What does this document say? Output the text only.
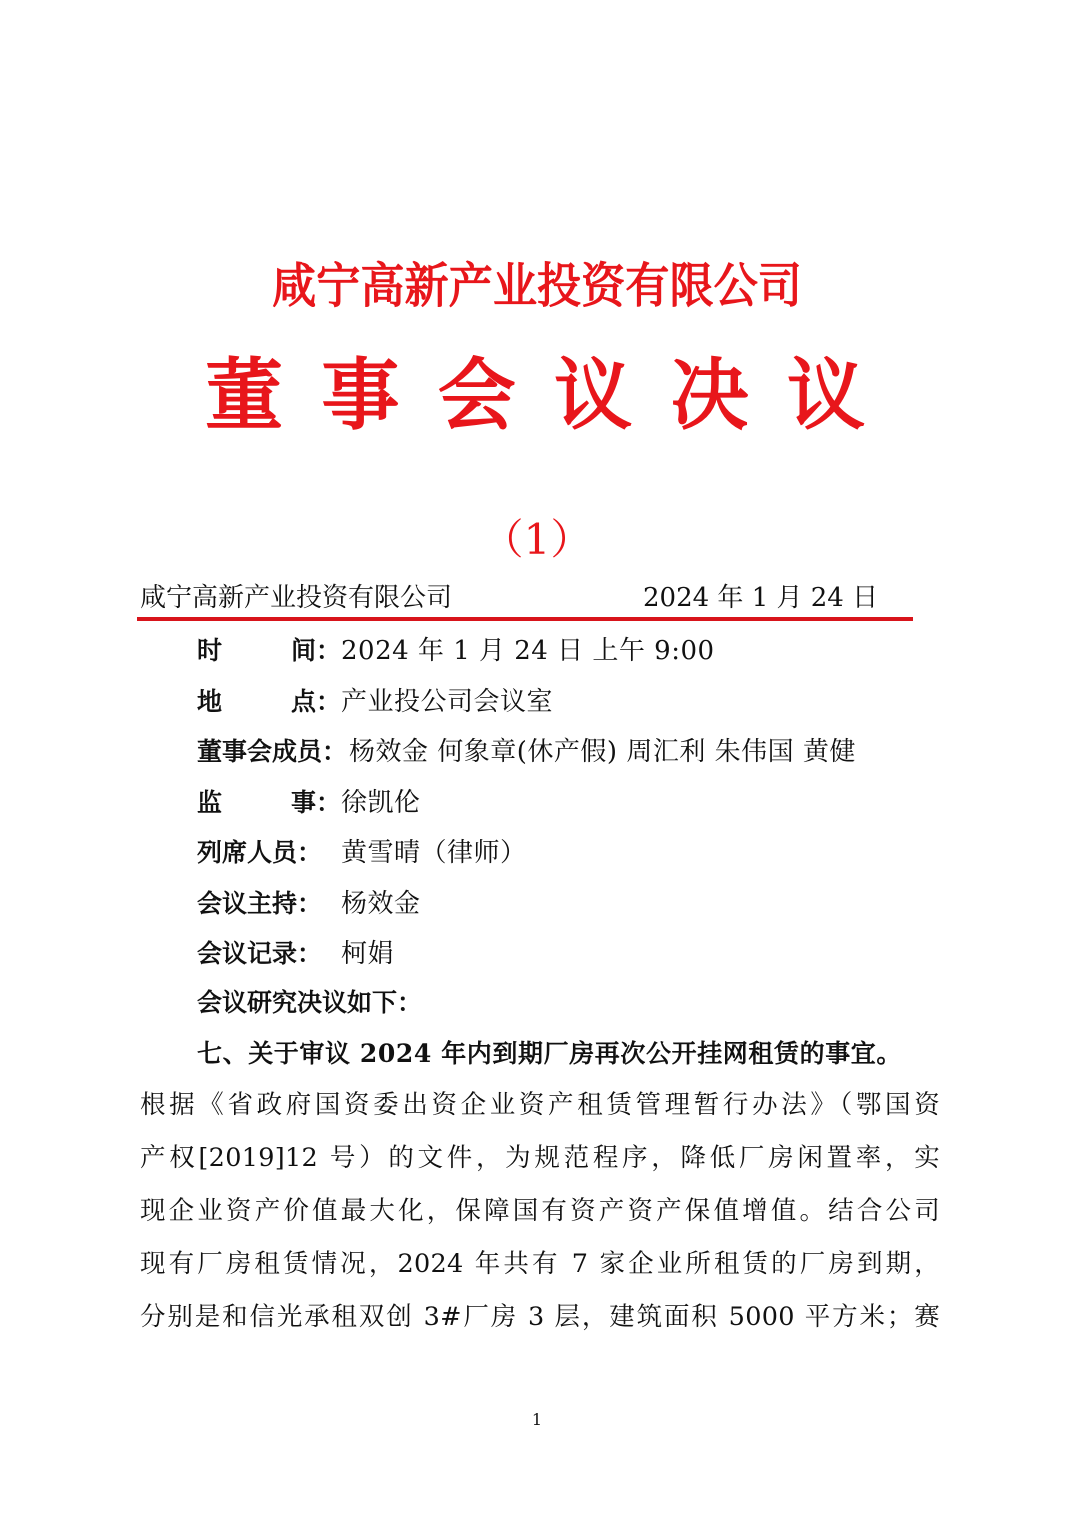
咸宁高新产业投资有限公司
董 事 会 议 决 议
（1）
咸宁高新产业投资有限公司	2024 年 1 月 24 日
时	间： 2024 年 1 月 24 日 上午 9:00
地	点： 产业投公司会议室
董事会成员： 杨效金 何象章(休产假) 周汇利 朱伟国 黄健
监	事： 徐凯伦
列席人员： 黄雪晴（律师）
会议主持： 杨效金
会议记录： 柯娟
会议研究决议如下：
七、关于审议 2024 年内到期厂房再次公开挂网租赁的事宜。
根据《省政府国资委出资企业资产租赁管理暂行办法》（鄂国资
产权[2019]12 号）的文件，为规范程序，降低厂房闲置率，实
现企业资产价值最大化，保障国有资产资产保值增值。结合公司
现有厂房租赁情况，2024 年共有 7 家企业所租赁的厂房到期，
分别是和信光承租双创 3#厂房 3 层，建筑面积 5000 平方米；赛
1
